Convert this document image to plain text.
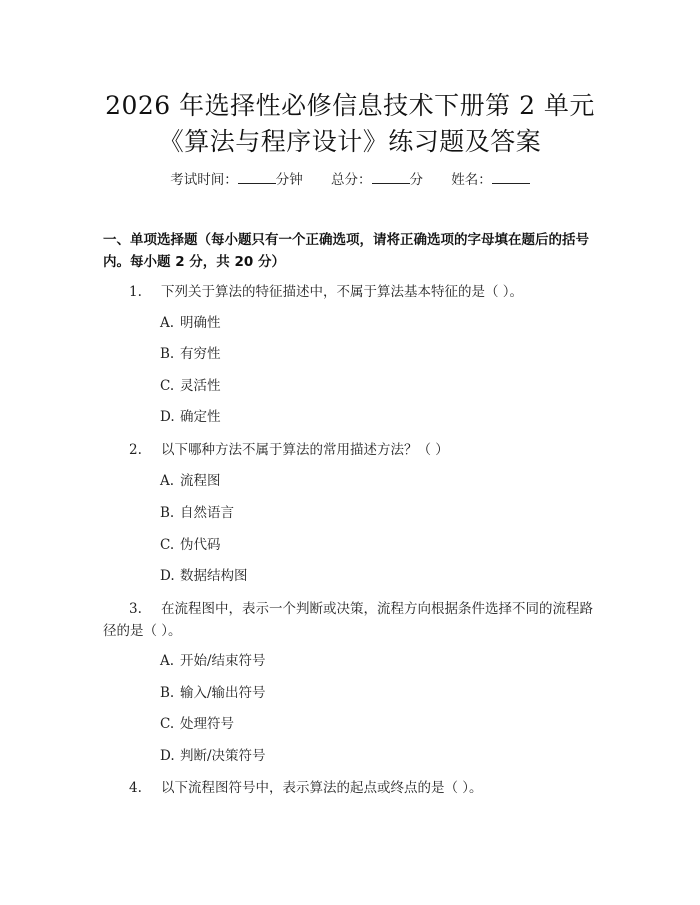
2026 年选择性必修信息技术下册第 2 单元
《算法与程序设计》练习题及答案
考试时间：	分钟 总分：	分 姓名：
一、单项选择题（每小题只有一个正确选项，请将正确选项的字母填在题后的括号内。每小题 2 分，共 20 分）
1. 下列关于算法的特征描述中，不属于算法基本特征的是（ ）。
A. 明确性
B. 有穷性
C. 灵活性
D. 确定性
2. 以下哪种方法不属于算法的常用描述方法？（ ）
A. 流程图
B. 自然语言
C. 伪代码
D. 数据结构图
3. 在流程图中，表示一个判断或决策，流程方向根据条件选择不同的流程路径的是（ ）。
A. 开始/结束符号
B. 输入/输出符号
C. 处理符号
D. 判断/决策符号
4. 以下流程图符号中，表示算法的起点或终点的是（ ）。
